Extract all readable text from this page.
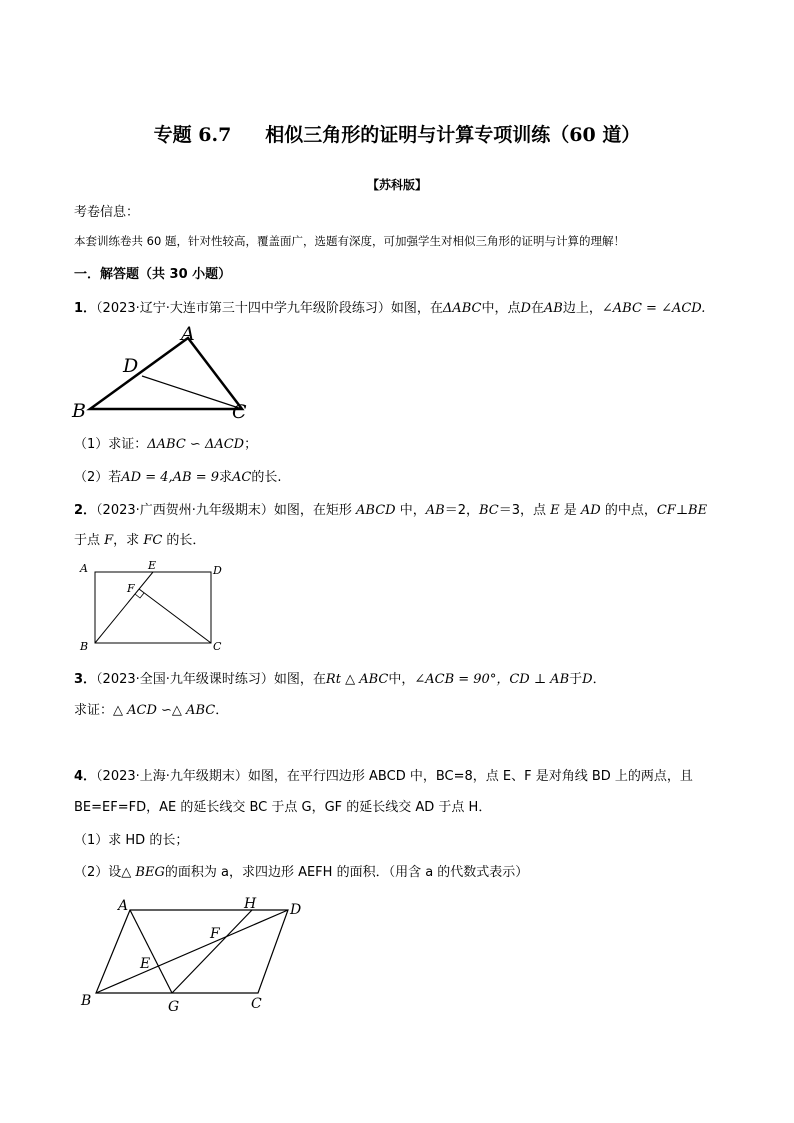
专题 6.7 相似三角形的证明与计算专项训练（60 道）
【苏科版】
考卷信息：
本套训练卷共 60 题，针对性较高，覆盖面广，选题有深度，可加强学生对相似三角形的证明与计算的理解！
一．解答题（共 30 小题）
1．（2023·辽宁·大连市第三十四中学九年级阶段练习）如图，在ΔABC中，点D在AB边上，∠ABC = ∠ACD.
A
D
B	C
（1）求证：ΔABC ∽ ΔACD；
（2）若AD = 4,AB = 9求AC的长.
2．（2023·广西贺州·九年级期末）如图，在矩形 ABCD 中，AB＝2，BC＝3，点 E 是 AD 的中点，CF⊥BE
于点 F，求 FC 的长．
A	E	D
F
B	C
3．（2023·全国·九年级课时练习）如图，在Rt △ ABC中，∠ACB = 90°，CD ⊥ AB于D．
求证：△ ACD ∽△ ABC．
4．（2023·上海·九年级期末）如图，在平行四边形 ABCD 中，BC=8，点 E、F 是对角线 BD 上的两点，且
BE=EF=FD，AE 的延长线交 BC 于点 G，GF 的延长线交 AD 于点 H．
（1）求 HD 的长；
（2）设△ BEG的面积为 a，求四边形 AEFH 的面积．（用含 a 的代数式表示）
A	H D
F
E
B	G	C
